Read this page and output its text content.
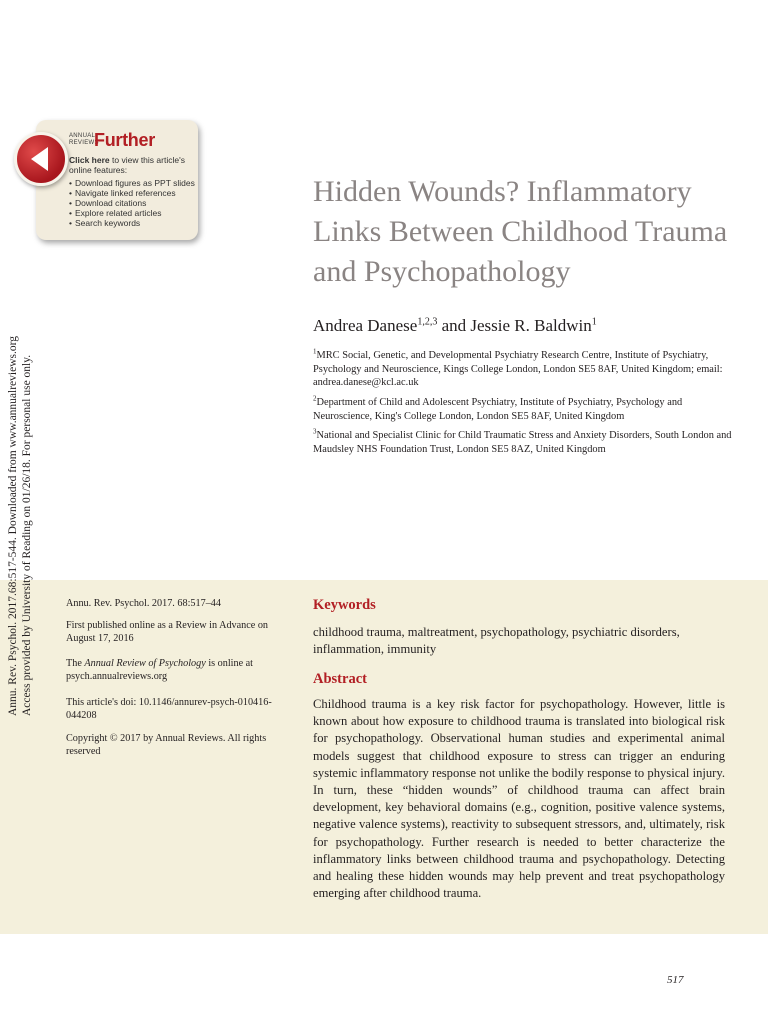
ANNUAL REVIEWS
Further
Click here to view this article's online features:
• Download figures as PPT slides
• Navigate linked references
• Download citations
• Explore related articles
• Search keywords
Annu. Rev. Psychol. 2017.68:517-544. Downloaded from www.annualreviews.org Access provided by University of Reading on 01/26/18. For personal use only.
Hidden Wounds? Inflammatory Links Between Childhood Trauma and Psychopathology
Andrea Danese$^{1,2,3}$ and Jessie R. Baldwin$^1$
$^1$MRC Social, Genetic, and Developmental Psychiatry Research Centre, Institute of Psychiatry, Psychology and Neuroscience, Kings College London, London SE5 8AF, United Kingdom; email: andrea.danese@kcl.ac.uk
$^2$Department of Child and Adolescent Psychiatry, Institute of Psychiatry, Psychology and Neuroscience, King's College London, London SE5 8AF, United Kingdom
$^3$National and Specialist Clinic for Child Traumatic Stress and Anxiety Disorders, South London and Maudsley NHS Foundation Trust, London SE5 8AZ, United Kingdom
Annu. Rev. Psychol. 2017. 68:517–44
First published online as a Review in Advance on August 17, 2016
The Annual Review of Psychology is online at psych.annualreviews.org
This article's doi: 10.1146/annurev-psych-010416-044208
Copyright © 2017 by Annual Reviews. All rights reserved
Keywords
childhood trauma, maltreatment, psychopathology, psychiatric disorders, inflammation, immunity
Abstract
Childhood trauma is a key risk factor for psychopathology. However, little is known about how exposure to childhood trauma is translated into biological risk for psychopathology. Observational human studies and experimental animal models suggest that childhood exposure to stress can trigger an enduring systemic inflammatory response not unlike the bodily response to physical injury. In turn, these “hidden wounds” of childhood trauma can affect brain development, key behavioral domains (e.g., cognition, positive valence systems, negative valence systems), reactivity to subsequent stressors, and, ultimately, risk for psychopathology. Further research is needed to better characterize the inflammatory links between childhood trauma and psychopathology. Detecting and healing these hidden wounds may help prevent and treat psychopathology emerging after childhood trauma.
517
